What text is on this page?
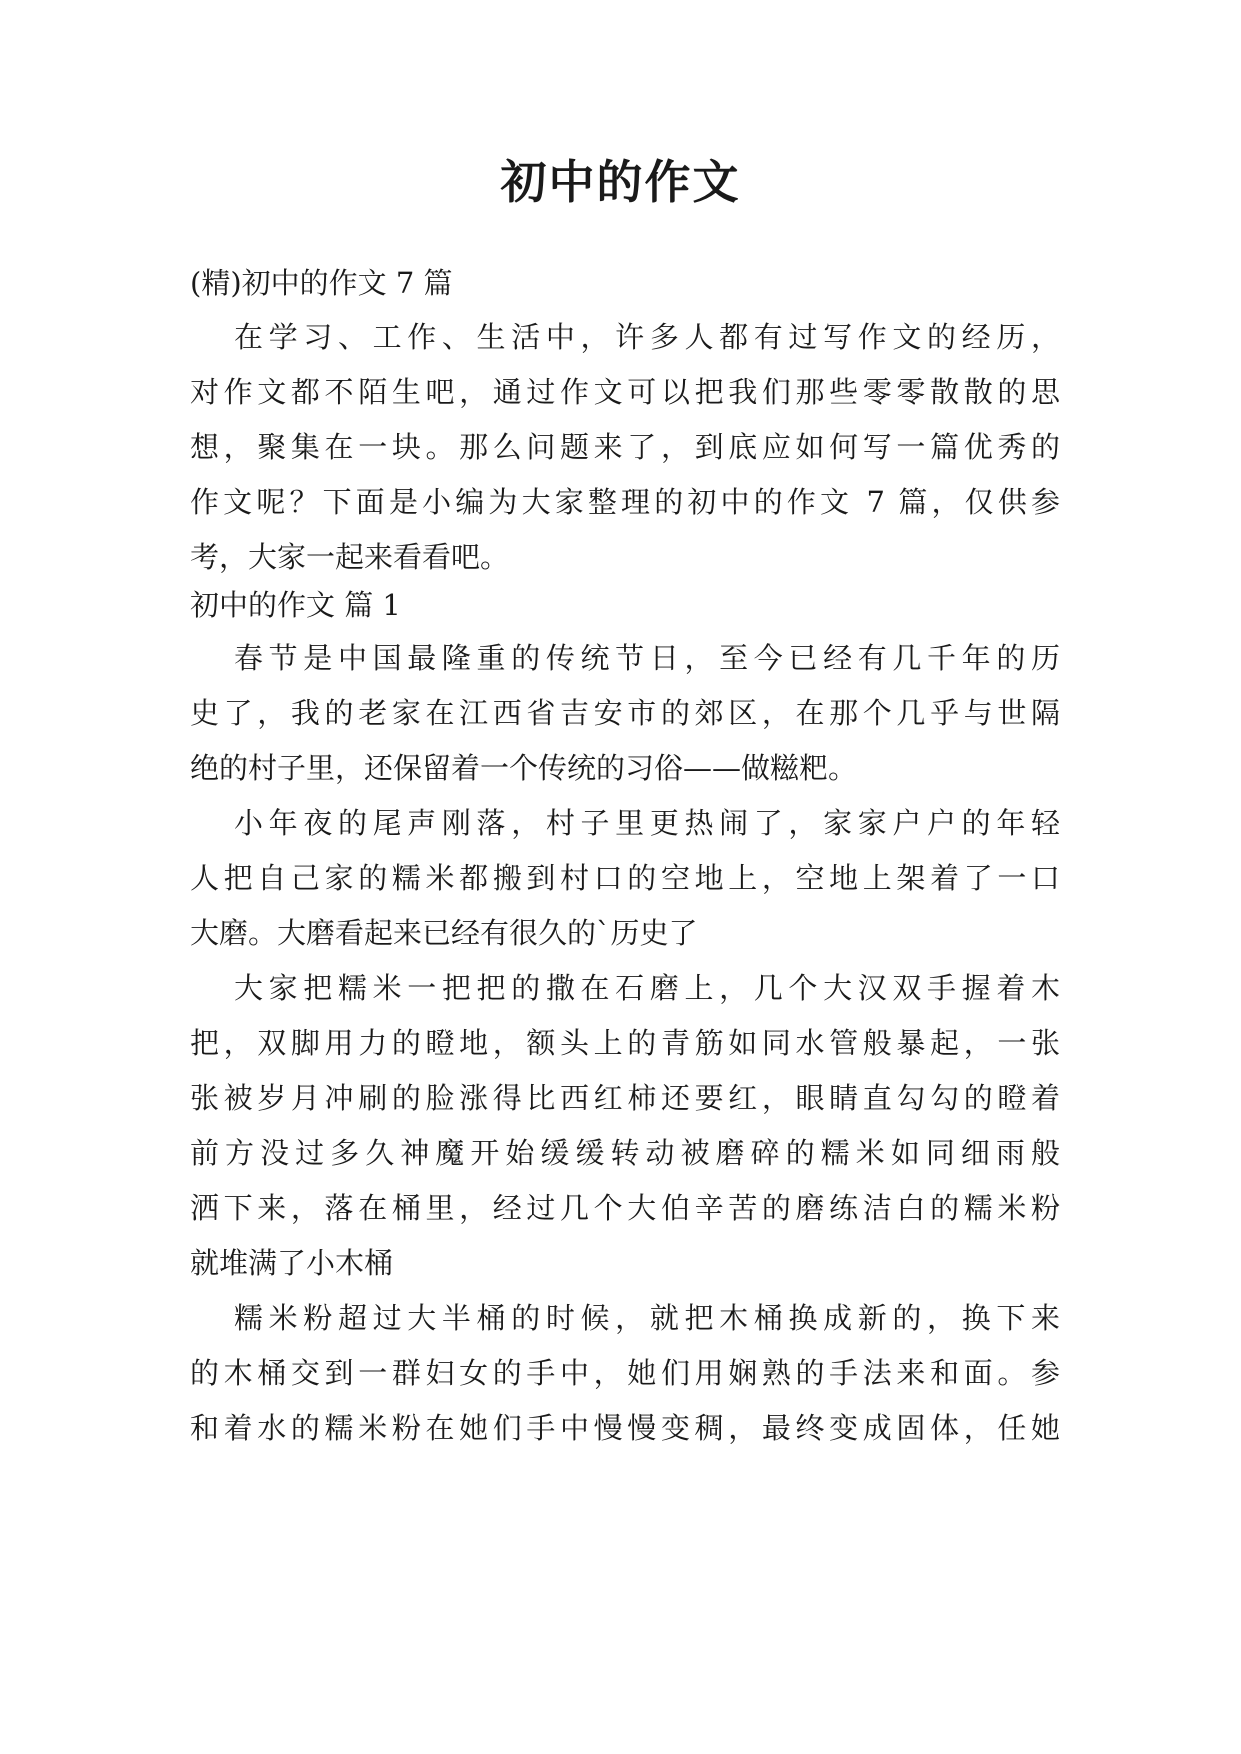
初中的作文
(精)初中的作文 7 篇
在学习、工作、生活中，许多人都有过写作文的经历，
对作文都不陌生吧，通过作文可以把我们那些零零散散的思
想，聚集在一块。那么问题来了，到底应如何写一篇优秀的
作文呢？下面是小编为大家整理的初中的作文 7 篇，仅供参
考，大家一起来看看吧。
初中的作文 篇 1
春节是中国最隆重的传统节日，至今已经有几千年的历
史了，我的老家在江西省吉安市的郊区，在那个几乎与世隔
绝的村子里，还保留着一个传统的习俗——做糍粑。
小年夜的尾声刚落，村子里更热闹了，家家户户的年轻
人把自己家的糯米都搬到村口的空地上，空地上架着了一口
大磨。大磨看起来已经有很久的`历史了
大家把糯米一把把的撒在石磨上，几个大汉双手握着木
把，双脚用力的瞪地，额头上的青筋如同水管般暴起，一张
张被岁月冲刷的脸涨得比西红柿还要红，眼睛直勾勾的瞪着
前方没过多久神魔开始缓缓转动被磨碎的糯米如同细雨般
洒下来，落在桶里，经过几个大伯辛苦的磨练洁白的糯米粉
就堆满了小木桶
糯米粉超过大半桶的时候，就把木桶换成新的，换下来
的木桶交到一群妇女的手中，她们用娴熟的手法来和面。参
和着水的糯米粉在她们手中慢慢变稠，最终变成固体，任她
